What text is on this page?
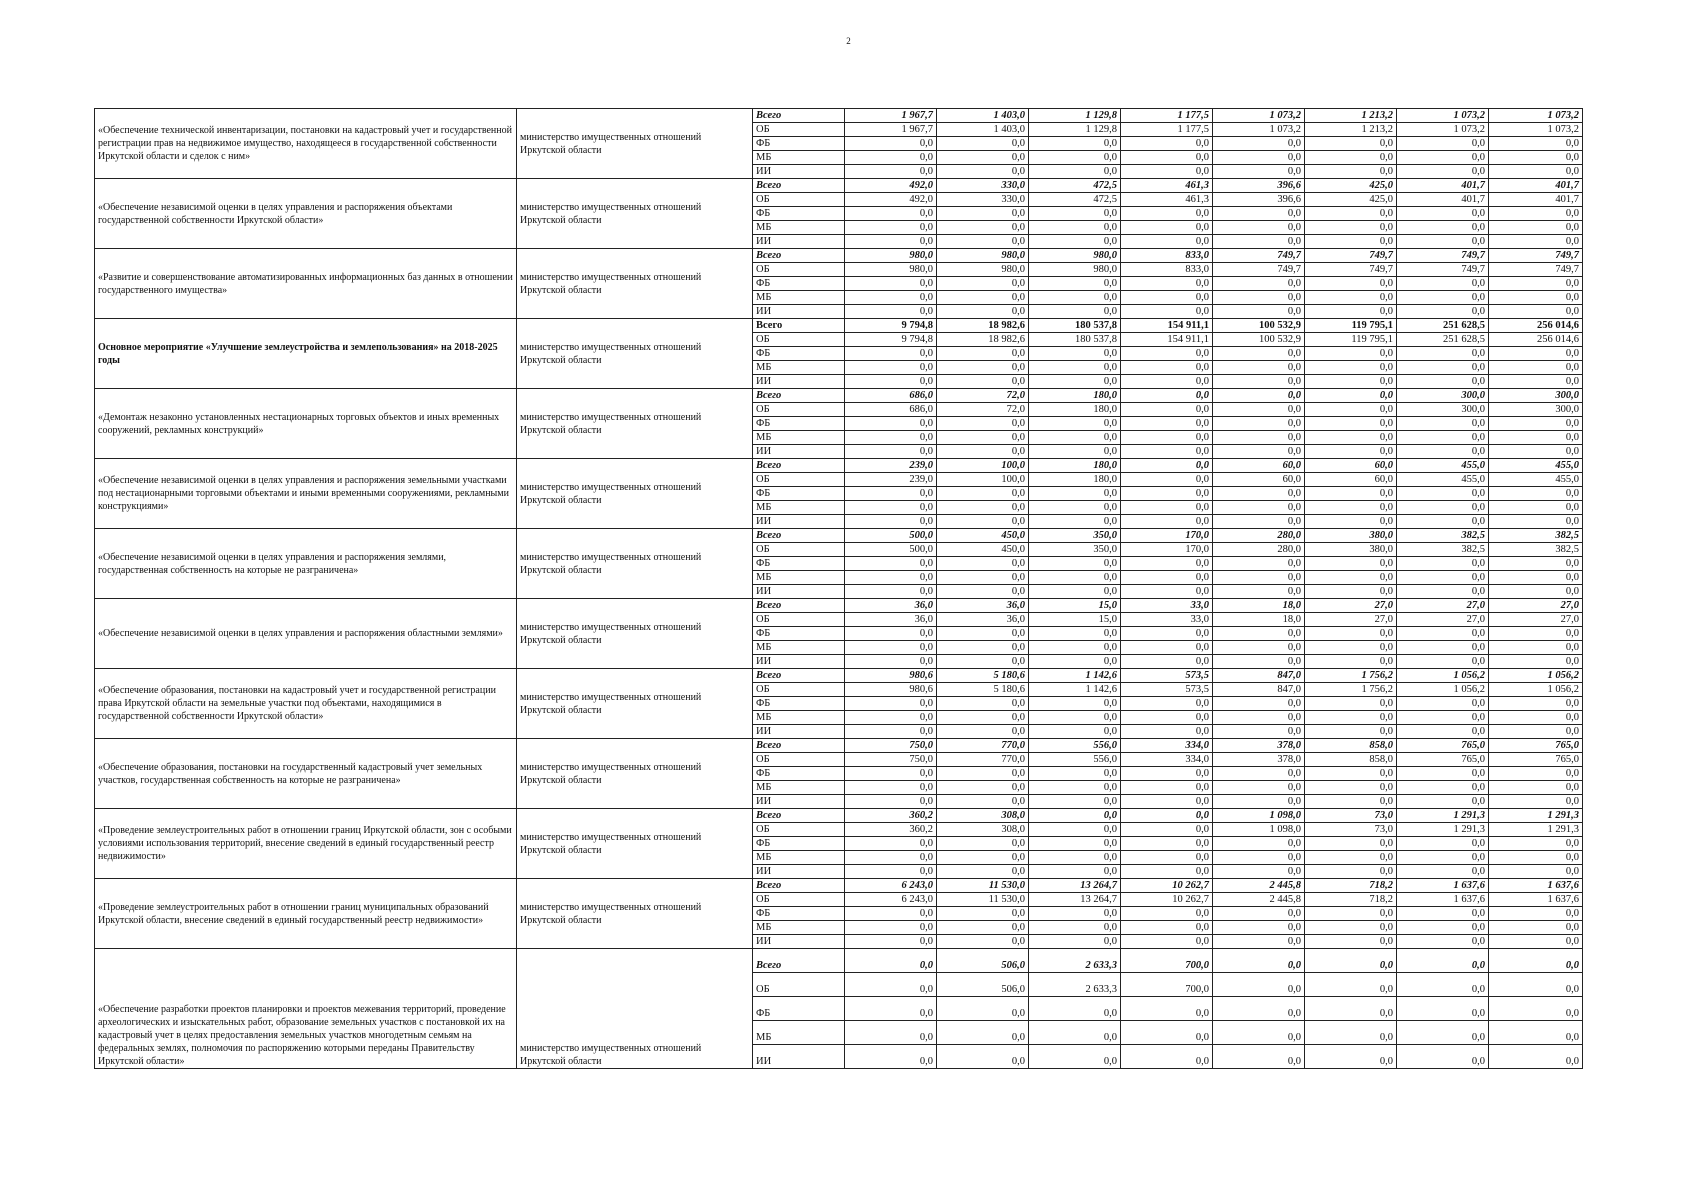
2
«Обеспечение технической инвентаризации, постановки на кадастровый учет и государственной регистрации прав на недвижимое имущество, находящееся в государственной собственности Иркутской области и сделок с ним»	министерство имущественных отношений Иркутской области	Всего	1 967,7	1 403,0	1 129,8	1 177,5	1 073,2	1 213,2	1 073,2	1 073,2
		ОБ	1 967,7	1 403,0	1 129,8	1 177,5	1 073,2	1 213,2	1 073,2	1 073,2
		ФБ	0,0	0,0	0,0	0,0	0,0	0,0	0,0	0,0
		МБ	0,0	0,0	0,0	0,0	0,0	0,0	0,0	0,0
		ИИ	0,0	0,0	0,0	0,0	0,0	0,0	0,0	0,0
«Обеспечение независимой оценки в целях управления и распоряжения объектами государственной собственности Иркутской области»	министерство имущественных отношений Иркутской области	Всего	492,0	330,0	472,5	461,3	396,6	425,0	401,7	401,7
		ОБ	492,0	330,0	472,5	461,3	396,6	425,0	401,7	401,7
		ФБ	0,0	0,0	0,0	0,0	0,0	0,0	0,0	0,0
		МБ	0,0	0,0	0,0	0,0	0,0	0,0	0,0	0,0
		ИИ	0,0	0,0	0,0	0,0	0,0	0,0	0,0	0,0
«Развитие и совершенствование автоматизированных информационных баз данных в отношении государственного имущества»	министерство имущественных отношений Иркутской области	Всего	980,0	980,0	980,0	833,0	749,7	749,7	749,7	749,7
		ОБ	980,0	980,0	980,0	833,0	749,7	749,7	749,7	749,7
		ФБ	0,0	0,0	0,0	0,0	0,0	0,0	0,0	0,0
		МБ	0,0	0,0	0,0	0,0	0,0	0,0	0,0	0,0
		ИИ	0,0	0,0	0,0	0,0	0,0	0,0	0,0	0,0
Основное мероприятие «Улучшение землеустройства и землепользования» на 2018-2025 годы	министерство имущественных отношений Иркутской области	Всего	9 794,8	18 982,6	180 537,8	154 911,1	100 532,9	119 795,1	251 628,5	256 014,6
		ОБ	9 794,8	18 982,6	180 537,8	154 911,1	100 532,9	119 795,1	251 628,5	256 014,6
		ФБ	0,0	0,0	0,0	0,0	0,0	0,0	0,0	0,0
		МБ	0,0	0,0	0,0	0,0	0,0	0,0	0,0	0,0
		ИИ	0,0	0,0	0,0	0,0	0,0	0,0	0,0	0,0
«Демонтаж незаконно установленных нестационарных торговых объектов и иных временных сооружений, рекламных конструкций»	министерство имущественных отношений Иркутской области	Всего	686,0	72,0	180,0	0,0	0,0	0,0	300,0	300,0
		ОБ	686,0	72,0	180,0	0,0	0,0	0,0	300,0	300,0
		ФБ	0,0	0,0	0,0	0,0	0,0	0,0	0,0	0,0
		МБ	0,0	0,0	0,0	0,0	0,0	0,0	0,0	0,0
		ИИ	0,0	0,0	0,0	0,0	0,0	0,0	0,0	0,0
«Обеспечение независимой оценки в целях управления и распоряжения земельными участками под нестационарными торговыми объектами и иными временными сооружениями, рекламными конструкциями»	министерство имущественных отношений Иркутской области	Всего	239,0	100,0	180,0	0,0	60,0	60,0	455,0	455,0
		ОБ	239,0	100,0	180,0	0,0	60,0	60,0	455,0	455,0
		ФБ	0,0	0,0	0,0	0,0	0,0	0,0	0,0	0,0
		МБ	0,0	0,0	0,0	0,0	0,0	0,0	0,0	0,0
		ИИ	0,0	0,0	0,0	0,0	0,0	0,0	0,0	0,0
«Обеспечение независимой оценки в целях управления и распоряжения землями, государственная собственность на которые не разграничена»	министерство имущественных отношений Иркутской области	Всего	500,0	450,0	350,0	170,0	280,0	380,0	382,5	382,5
		ОБ	500,0	450,0	350,0	170,0	280,0	380,0	382,5	382,5
		ФБ	0,0	0,0	0,0	0,0	0,0	0,0	0,0	0,0
		МБ	0,0	0,0	0,0	0,0	0,0	0,0	0,0	0,0
		ИИ	0,0	0,0	0,0	0,0	0,0	0,0	0,0	0,0
«Обеспечение независимой оценки в целях управления и распоряжения областными землями»	министерство имущественных отношений Иркутской области	Всего	36,0	36,0	15,0	33,0	18,0	27,0	27,0	27,0
		ОБ	36,0	36,0	15,0	33,0	18,0	27,0	27,0	27,0
		ФБ	0,0	0,0	0,0	0,0	0,0	0,0	0,0	0,0
		МБ	0,0	0,0	0,0	0,0	0,0	0,0	0,0	0,0
		ИИ	0,0	0,0	0,0	0,0	0,0	0,0	0,0	0,0
«Обеспечение образования, постановки на кадастровый учет и государственной регистрации права Иркутской области на земельные участки под объектами, находящимися в государственной собственности Иркутской области»	министерство имущественных отношений Иркутской области	Всего	980,6	5 180,6	1 142,6	573,5	847,0	1 756,2	1 056,2	1 056,2
		ОБ	980,6	5 180,6	1 142,6	573,5	847,0	1 756,2	1 056,2	1 056,2
		ФБ	0,0	0,0	0,0	0,0	0,0	0,0	0,0	0,0
		МБ	0,0	0,0	0,0	0,0	0,0	0,0	0,0	0,0
		ИИ	0,0	0,0	0,0	0,0	0,0	0,0	0,0	0,0
«Обеспечение образования, постановки на государственный кадастровый учет земельных участков, государственная собственность на которые не разграничена»	министерство имущественных отношений Иркутской области	Всего	750,0	770,0	556,0	334,0	378,0	858,0	765,0	765,0
		ОБ	750,0	770,0	556,0	334,0	378,0	858,0	765,0	765,0
		ФБ	0,0	0,0	0,0	0,0	0,0	0,0	0,0	0,0
		МБ	0,0	0,0	0,0	0,0	0,0	0,0	0,0	0,0
		ИИ	0,0	0,0	0,0	0,0	0,0	0,0	0,0	0,0
«Проведение землеустроительных работ в отношении границ Иркутской области, зон с особыми условиями использования территорий, внесение сведений в единый государственный реестр недвижимости»	министерство имущественных отношений Иркутской области	Всего	360,2	308,0	0,0	0,0	1 098,0	73,0	1 291,3	1 291,3
		ОБ	360,2	308,0	0,0	0,0	1 098,0	73,0	1 291,3	1 291,3
		ФБ	0,0	0,0	0,0	0,0	0,0	0,0	0,0	0,0
		МБ	0,0	0,0	0,0	0,0	0,0	0,0	0,0	0,0
		ИИ	0,0	0,0	0,0	0,0	0,0	0,0	0,0	0,0
«Проведение землеустроительных работ в отношении границ муниципальных образований Иркутской области, внесение сведений в единый государственный реестр недвижимости»	министерство имущественных отношений Иркутской области	Всего	6 243,0	11 530,0	13 264,7	10 262,7	2 445,8	718,2	1 637,6	1 637,6
		ОБ	6 243,0	11 530,0	13 264,7	10 262,7	2 445,8	718,2	1 637,6	1 637,6
		ФБ	0,0	0,0	0,0	0,0	0,0	0,0	0,0	0,0
		МБ	0,0	0,0	0,0	0,0	0,0	0,0	0,0	0,0
		ИИ	0,0	0,0	0,0	0,0	0,0	0,0	0,0	0,0
«Обеспечение разработки проектов планировки и проектов межевания территорий, проведение археологических и изыскательных работ, образование земельных участков с постановкой их на кадастровый учет в целях предоставления земельных участков многодетным семьям на федеральных землях, полномочия по распоряжению которыми переданы Правительству Иркутской области»	министерство имущественных отношений Иркутской области	Всего	0,0	506,0	2 633,3	700,0	0,0	0,0	0,0	0,0
		ОБ	0,0	506,0	2 633,3	700,0	0,0	0,0	0,0	0,0
		ФБ	0,0	0,0	0,0	0,0	0,0	0,0	0,0	0,0
		МБ	0,0	0,0	0,0	0,0	0,0	0,0	0,0	0,0
		ИИ	0,0	0,0	0,0	0,0	0,0	0,0	0,0	0,0
